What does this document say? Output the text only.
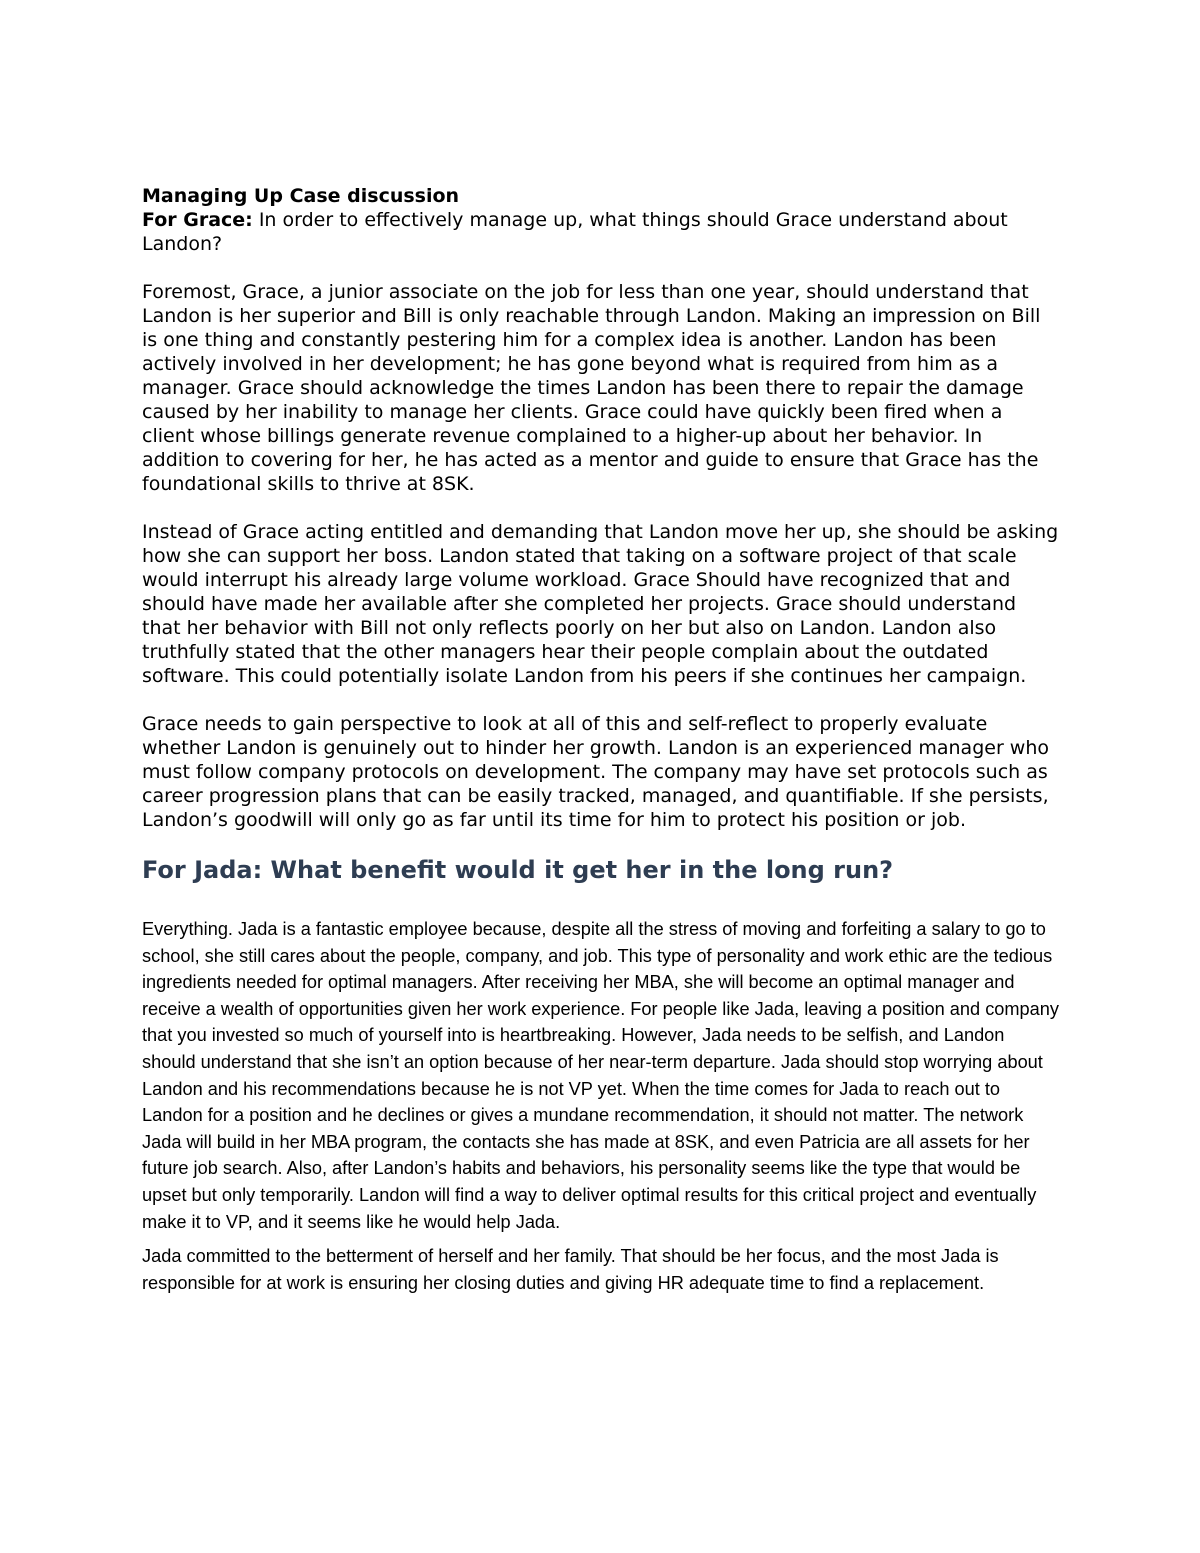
Managing Up Case discussion

For Grace: In order to effectively manage up, what things should Grace understand about Landon?

Foremost, Grace, a junior associate on the job for less than one year, should understand that Landon is her superior and Bill is only reachable through Landon. Making an impression on Bill is one thing and constantly pestering him for a complex idea is another. Landon has been actively involved in her development; he has gone beyond what is required from him as a manager. Grace should acknowledge the times Landon has been there to repair the damage caused by her inability to manage her clients. Grace could have quickly been fired when a client whose billings generate revenue complained to a higher-up about her behavior. In addition to covering for her, he has acted as a mentor and guide to ensure that Grace has the foundational skills to thrive at 8SK.

Instead of Grace acting entitled and demanding that Landon move her up, she should be asking how she can support her boss. Landon stated that taking on a software project of that scale would interrupt his already large volume workload. Grace Should have recognized that and should have made her available after she completed her projects. Grace should understand that her behavior with Bill not only reflects poorly on her but also on Landon. Landon also truthfully stated that the other managers hear their people complain about the outdated software. This could potentially isolate Landon from his peers if she continues her campaign.

Grace needs to gain perspective to look at all of this and self-reflect to properly evaluate whether Landon is genuinely out to hinder her growth. Landon is an experienced manager who must follow company protocols on development. The company may have set protocols such as career progression plans that can be easily tracked, managed, and quantifiable. If she persists, Landon’s goodwill will only go as far until its time for him to protect his position or job.

For Jada: What benefit would it get her in the long run?

Everything. Jada is a fantastic employee because, despite all the stress of moving and forfeiting a salary to go to school, she still cares about the people, company, and job. This type of personality and work ethic are the tedious ingredients needed for optimal managers. After receiving her MBA, she will become an optimal manager and receive a wealth of opportunities given her work experience. For people like Jada, leaving a position and company that you invested so much of yourself into is heartbreaking. However, Jada needs to be selfish, and Landon should understand that she isn’t an option because of her near-term departure. Jada should stop worrying about Landon and his recommendations because he is not VP yet. When the time comes for Jada to reach out to Landon for a position and he declines or gives a mundane recommendation, it should not matter. The network Jada will build in her MBA program, the contacts she has made at 8SK, and even Patricia are all assets for her future job search. Also, after Landon’s habits and behaviors, his personality seems like the type that would be upset but only temporarily. Landon will find a way to deliver optimal results for this critical project and eventually make it to VP, and it seems like he would help Jada.

Jada committed to the betterment of herself and her family. That should be her focus, and the most Jada is responsible for at work is ensuring her closing duties and giving HR adequate time to find a replacement.
